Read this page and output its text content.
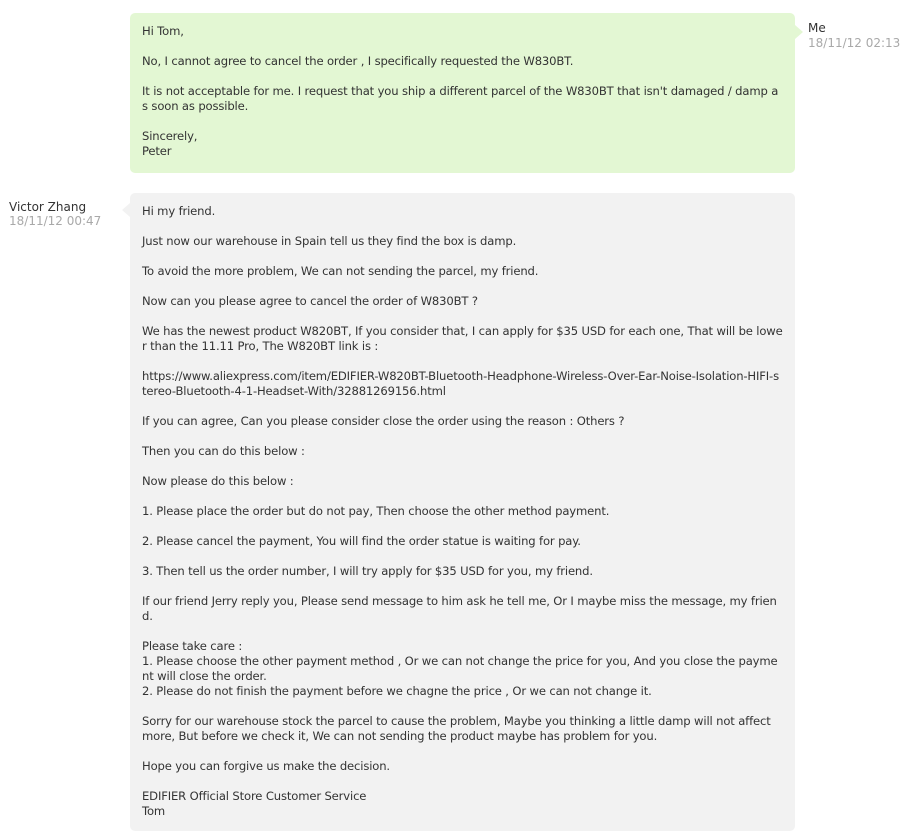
Hi Tom,

No, I cannot agree to cancel the order , I specifically requested the W830BT.

It is not acceptable for me. I request that you ship a different parcel of the W830BT that isn't damaged / damp as soon as possible.

Sincerely,
Peter

Me
18/11/12 02:13
Victor Zhang
18/11/12 00:47

Hi my friend.

Just now our warehouse in Spain tell us they find the box is damp.

To avoid the more problem, We can not sending the parcel, my friend.

Now can you please agree to cancel the order of W830BT ?

We has the newest product W820BT, If you consider that, I can apply for $35 USD for each one, That will be lower than the 11.11 Pro, The W820BT link is :

https://www.aliexpress.com/item/EDIFIER-W820BT-Bluetooth-Headphone-Wireless-Over-Ear-Noise-Isolation-HIFI-stereo-Bluetooth-4-1-Headset-With/32881269156.html

If you can agree, Can you please consider close the order using the reason : Others ?

Then you can do this below :

Now please do this below :

1. Please place the order but do not pay, Then choose the other method payment.

2. Please cancel the payment, You will find the order statue is waiting for pay.

3. Then tell us the order number, I will try apply for $35 USD for you, my friend.

If our friend Jerry reply you, Please send message to him ask he tell me, Or I maybe miss the message, my friend.

Please take care :
1. Please choose the other payment method , Or we can not change the price for you, And you close the payment will close the order.
2. Please do not finish the payment before we chagne the price , Or we can not change it.

Sorry for our warehouse stock the parcel to cause the problem, Maybe you thinking a little damp will not affect more, But before we check it, We can not sending the product maybe has problem for you.

Hope you can forgive us make the decision.

EDIFIER Official Store Customer Service
Tom
